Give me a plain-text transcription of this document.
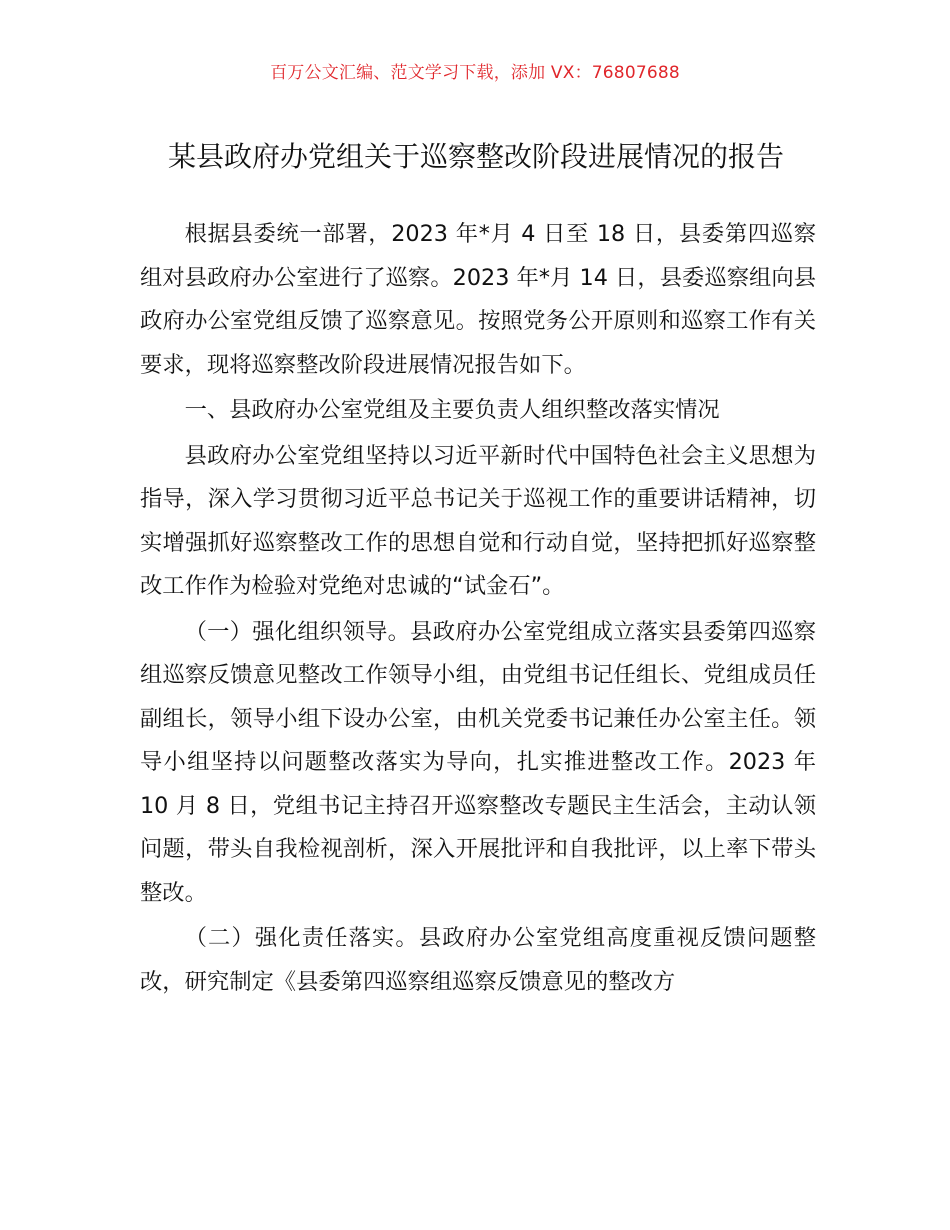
百万公文汇编、范文学习下载，添加 VX：76807688
某县政府办党组关于巡察整改阶段进展情况的报告

根据县委统一部署，2023 年*月 4 日至 18 日，县委第四巡察组对县政府办公室进行了巡察。2023 年*月 14 日，县委巡察组向县政府办公室党组反馈了巡察意见。按照党务公开原则和巡察工作有关要求，现将巡察整改阶段进展情况报告如下。

一、县政府办公室党组及主要负责人组织整改落实情况

县政府办公室党组坚持以习近平新时代中国特色社会主义思想为指导，深入学习贯彻习近平总书记关于巡视工作的重要讲话精神，切实增强抓好巡察整改工作的思想自觉和行动自觉，坚持把抓好巡察整改工作作为检验对党绝对忠诚的“试金石”。

（一）强化组织领导。县政府办公室党组成立落实县委第四巡察组巡察反馈意见整改工作领导小组，由党组书记任组长、党组成员任副组长，领导小组下设办公室，由机关党委书记兼任办公室主任。领导小组坚持以问题整改落实为导向，扎实推进整改工作。2023 年 10 月 8 日，党组书记主持召开巡察整改专题民主生活会，主动认领问题，带头自我检视剖析，深入开展批评和自我批评，以上率下带头整改。

（二）强化责任落实。县政府办公室党组高度重视反馈问题整改，研究制定《县委第四巡察组巡察反馈意见的整改方
